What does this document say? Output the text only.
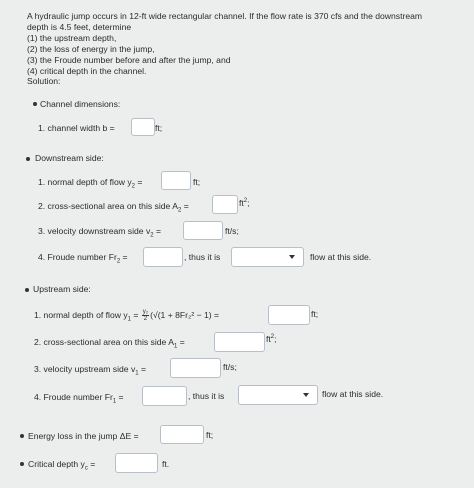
A hydraulic jump occurs in 12-ft wide rectangular channel. If the flow rate is 370 cfs and the downstream
depth is 4.5 feet, determine
(1) the upstream depth,
(2) the loss of energy in the jump,
(3) the Froude number before and after the jump, and
(4) critical depth in the channel.
Solution:
Channel dimensions:
1. channel width b =	ft;
Downstream side:
1. normal depth of flow $y_2$ =	ft;
2. cross-sectional area on this side $A_2$ =	$ft^2$;
3. velocity downstream side $v_2$ =	ft/s;
4. Froude number $Fr_2$ =	, thus it is	flow at this side.
Upstream side:
1. normal depth of flow $y_1 = \frac{\text{y₂}}{2} (√(1 + 8Fr_2^2 - 1)$ =	ft;
2. cross-sectional area on this side $A_1$ =	$ft^2$;
3. velocity upstream side $v_1$ =	ft/s;
4. Froude number $Fr_1$ =	, thus it is	flow at this side.
Energy loss in the jump ΔE =	ft;
Critical depth $y_c$ =	ft.
